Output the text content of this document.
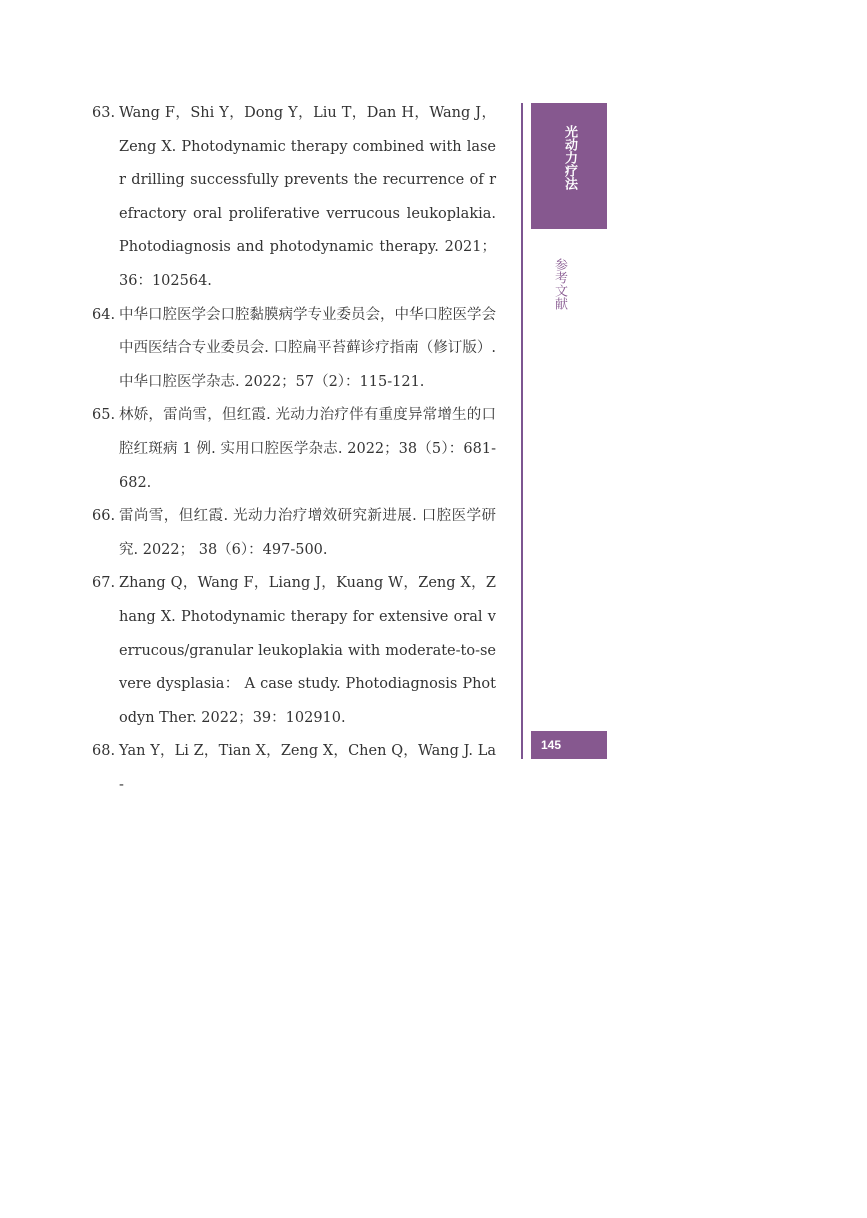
63. Wang F，Shi Y，Dong Y，Liu T，Dan H，Wang J，Zeng X. Photodynamic therapy combined with laser drilling successfully prevents the recurrence of refractory oral proliferative verrucous leukoplakia. Photodiagnosis and photodynamic therapy. 2021；36：102564.
64. 中华口腔医学会口腔黏膜病学专业委员会，中华口腔医学会中西医结合专业委员会. 口腔扁平苔藓诊疗指南（修订版）. 中华口腔医学杂志. 2022；57（2）：115-121.
65. 林娇，雷尚雪，但红霞. 光动力治疗伴有重度异常增生的口腔红斑病 1 例. 实用口腔医学杂志. 2022；38（5）：681-682.
66. 雷尚雪，但红霞. 光动力治疗增效研究新进展. 口腔医学研究. 2022； 38（6）：497-500.
67. Zhang Q，Wang F，Liang J，Kuang W，Zeng X，Zhang X. Photodynamic therapy for extensive oral verrucous/granular leukoplakia with moderate-to-severe dysplasia： A case study. Photodiagnosis Photodyn Ther. 2022；39：102910.
68. Yan Y，Li Z，Tian X，Zeng X，Chen Q，Wang J. La-
光动力疗法
参考文献
145
